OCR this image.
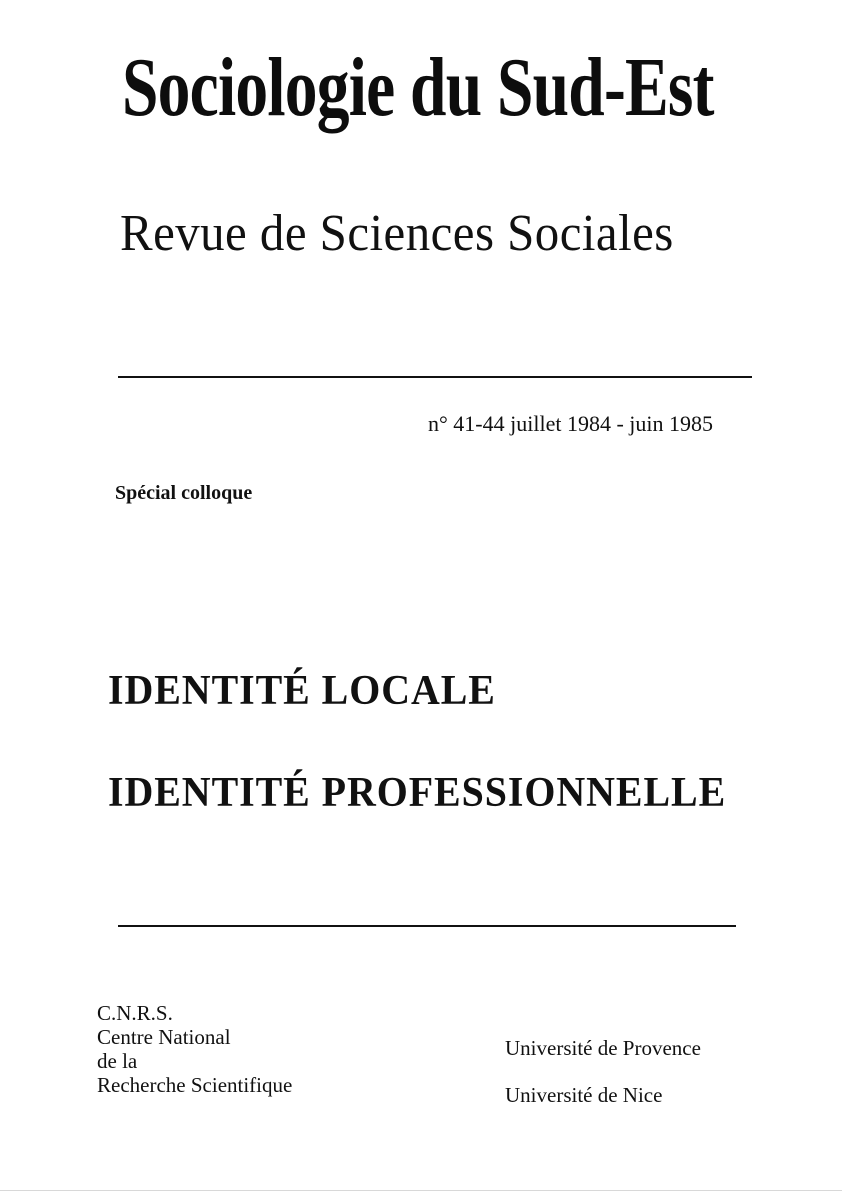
Sociologie du Sud-Est
Revue de Sciences Sociales
n° 41-44 juillet 1984 - juin 1985
Spécial colloque
IDENTITÉ LOCALE
IDENTITÉ PROFESSIONNELLE
C.N.R.S.
Centre National
de la
Recherche Scientifique
Université de Provence
Université de Nice
